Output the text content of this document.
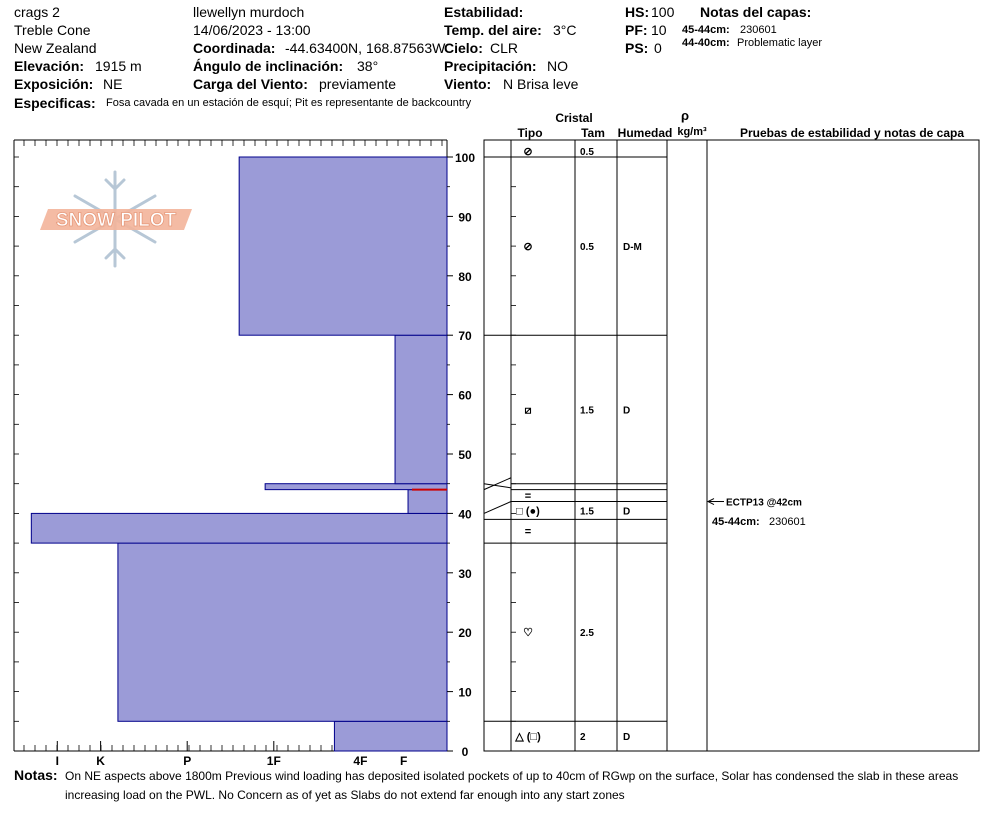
crags 2
Treble Cone
New Zealand
Elevación: 1915 m
Exposición: NE
Especificas: Fosa cavada en un estación de esquí; Pit es representante de backcountry
llewellyn murdoch
14/06/2023 - 13:00
Coordinada: -44.63400N, 168.87563W
Ángulo de inclinación: 38°
Carga del Viento: previamente
Estabilidad:
Temp. del aire: 3°C
Cielo: CLR
Precipitación: NO
Viento: N Brisa leve
HS: 100
PF: 10
PS: 0
Notas del capas:
45-44cm: 230601
44-40cm: Problematic layer
SNOW PILOT
F
4F
1F
P
K
I
0
10
20
30
40
50
60
70
80
90
100
△ (□)	2	D
♡	2.5
=
□ (●)	1.5	D
=
⧄	1.5	D
⊘	0.5	D-M
⊘	0.5
Cristal
Tipo	Tam Humedad
ρ
kg/m³	Pruebas de estabilidad y notas de capa
ECTP13 @42cm
45-44cm: 230601
Notas: On NE aspects above 1800m Previous wind loading has deposited isolated pockets of up to 40cm of RGwp on the surface, Solar has condensed the slab in these areas increasing load on the PWL. No Concern as of yet as Slabs do not extend far enough into any start zones
